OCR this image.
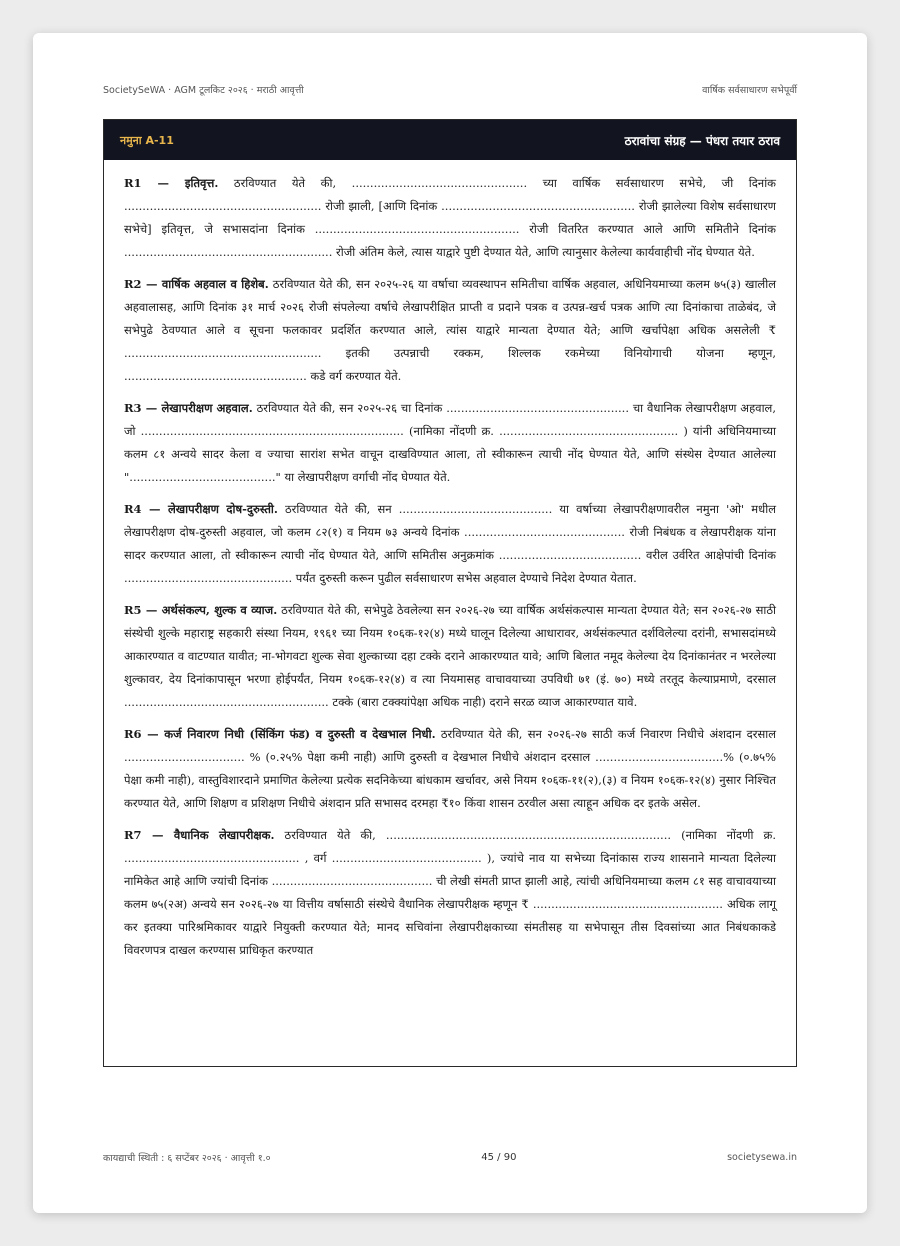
SocietySeWA · AGM टूलकिट २०२६ · मराठी आवृत्ती	वार्षिक सर्वसाधारण सभेपूर्वी
नमुना A-11	ठरावांचा संग्रह — पंधरा तयार ठराव

R1 — इतिवृत्त. ठरविण्यात येते की, ................................................ च्या वार्षिक सर्वसाधारण सभेचे, जी दिनांक ...................................................... रोजी झाली, [आणि दिनांक ..................................................... रोजी झालेल्या विशेष सर्वसाधारण सभेचे] इतिवृत्त, जे सभासदांना दिनांक ........................................................ रोजी वितरित करण्यात आले आणि समितीने दिनांक ......................................................... रोजी अंतिम केले, त्यास याद्वारे पुष्टी देण्यात येते, आणि त्यानुसार केलेल्या कार्यवाहीची नोंद घेण्यात येते.

R2 — वार्षिक अहवाल व हिशेब. ठरविण्यात येते की, सन २०२५-२६ या वर्षाचा व्यवस्थापन समितीचा वार्षिक अहवाल, अधिनियमाच्या कलम ७५(३) खालील अहवालासह, आणि दिनांक ३१ मार्च २०२६ रोजी संपलेल्या वर्षाचे लेखापरीक्षित प्राप्ती व प्रदाने पत्रक व उत्पन्न-खर्च पत्रक आणि त्या दिनांकाचा ताळेबंद, जे सभेपुढे ठेवण्यात आले व सूचना फलकावर प्रदर्शित करण्यात आले, त्यांस याद्वारे मान्यता देण्यात येते; आणि खर्चापेक्षा अधिक असलेली ₹ ...................................................... इतकी उत्पन्नाची रक्कम, शिल्लक रकमेच्या विनियोगाची योजना म्हणून, .................................................. कडे वर्ग करण्यात येते.

R3 — लेखापरीक्षण अहवाल. ठरविण्यात येते की, सन २०२५-२६ चा दिनांक .................................................. चा वैधानिक लेखापरीक्षण अहवाल, जो ........................................................................ (नामिका नोंदणी क्र. ................................................. ) यांनी अधिनियमाच्या कलम ८१ अन्वये सादर केला व ज्याचा सारांश सभेत वाचून दाखविण्यात आला, तो स्वीकारून त्याची नोंद घेण्यात येते, आणि संस्थेस देण्यात आलेल्या "........................................" या लेखापरीक्षण वर्गाची नोंद घेण्यात येते.

R4 — लेखापरीक्षण दोष-दुरुस्ती. ठरविण्यात येते की, सन .......................................... या वर्षाच्या लेखापरीक्षणावरील नमुना 'ओ' मधील लेखापरीक्षण दोष-दुरुस्ती अहवाल, जो कलम ८२(१) व नियम ७३ अन्वये दिनांक ............................................ रोजी निबंधक व लेखापरीक्षक यांना सादर करण्यात आला, तो स्वीकारून त्याची नोंद घेण्यात येते, आणि समितीस अनुक्रमांक ....................................... वरील उर्वरित आक्षेपांची दिनांक .............................................. पर्यंत दुरुस्ती करून पुढील सर्वसाधारण सभेस अहवाल देण्याचे निदेश देण्यात येतात.

R5 — अर्थसंकल्प, शुल्क व व्याज. ठरविण्यात येते की, सभेपुढे ठेवलेल्या सन २०२६-२७ च्या वार्षिक अर्थसंकल्पास मान्यता देण्यात येते; सन २०२६-२७ साठी संस्थेची शुल्के महाराष्ट्र सहकारी संस्था नियम, १९६१ च्या नियम १०६क-१२(४) मध्ये घालून दिलेल्या आधारावर, अर्थसंकल्पात दर्शविलेल्या दरांनी, सभासदांमध्ये आकारण्यात व वाटण्यात यावीत; ना-भोगवटा शुल्क सेवा शुल्काच्या दहा टक्के दराने आकारण्यात यावे; आणि बिलात नमूद केलेल्या देय दिनांकानंतर न भरलेल्या शुल्कावर, देय दिनांकापासून भरणा होईपर्यंत, नियम १०६क-१२(४) व त्या नियमासह वाचावयाच्या उपविधी ७१ (इं. ७०) मध्ये तरतूद केल्याप्रमाणे, दरसाल ........................................................ टक्के (बारा टक्क्यांपेक्षा अधिक नाही) दराने सरळ व्याज आकारण्यात यावे.

R6 — कर्ज निवारण निधी (सिंकिंग फंड) व दुरुस्ती व देखभाल निधी. ठरविण्यात येते की, सन २०२६-२७ साठी कर्ज निवारण निधीचे अंशदान दरसाल ................................. % (०.२५% पेक्षा कमी नाही) आणि दुरुस्ती व देखभाल निधीचे अंशदान दरसाल ...................................% (०.७५% पेक्षा कमी नाही), वास्तुविशारदाने प्रमाणित केलेल्या प्रत्येक सदनिकेच्या बांधकाम खर्चावर, असे नियम १०६क-११(२),(३) व नियम १०६क-१२(४) नुसार निश्चित करण्यात येते, आणि शिक्षण व प्रशिक्षण निधीचे अंशदान प्रति सभासद दरमहा ₹१० किंवा शासन ठरवील असा त्याहून अधिक दर इतके असेल.

R7 — वैधानिक लेखापरीक्षक. ठरविण्यात येते की, .............................................................................. (नामिका नोंदणी क्र. ................................................ , वर्ग ......................................... ), ज्यांचे नाव या सभेच्या दिनांकास राज्य शासनाने मान्यता दिलेल्या नामिकेत आहे आणि ज्यांची दिनांक ............................................ ची लेखी संमती प्राप्त झाली आहे, त्यांची अधिनियमाच्या कलम ८१ सह वाचावयाच्या कलम ७५(२अ) अन्वये सन २०२६-२७ या वित्तीय वर्षासाठी संस्थेचे वैधानिक लेखापरीक्षक म्हणून ₹ .................................................... अधिक लागू कर इतक्या पारिश्रमिकावर याद्वारे नियुक्ती करण्यात येते; मानद सचिवांना लेखापरीक्षकाच्या संमतीसह या सभेपासून तीस दिवसांच्या आत निबंधकाकडे विवरणपत्र दाखल करण्यास प्राधिकृत करण्यात

कायद्याची स्थिती : ६ सप्टेंबर २०२६ · आवृत्ती १.०	45 / 90	societysewa.in
